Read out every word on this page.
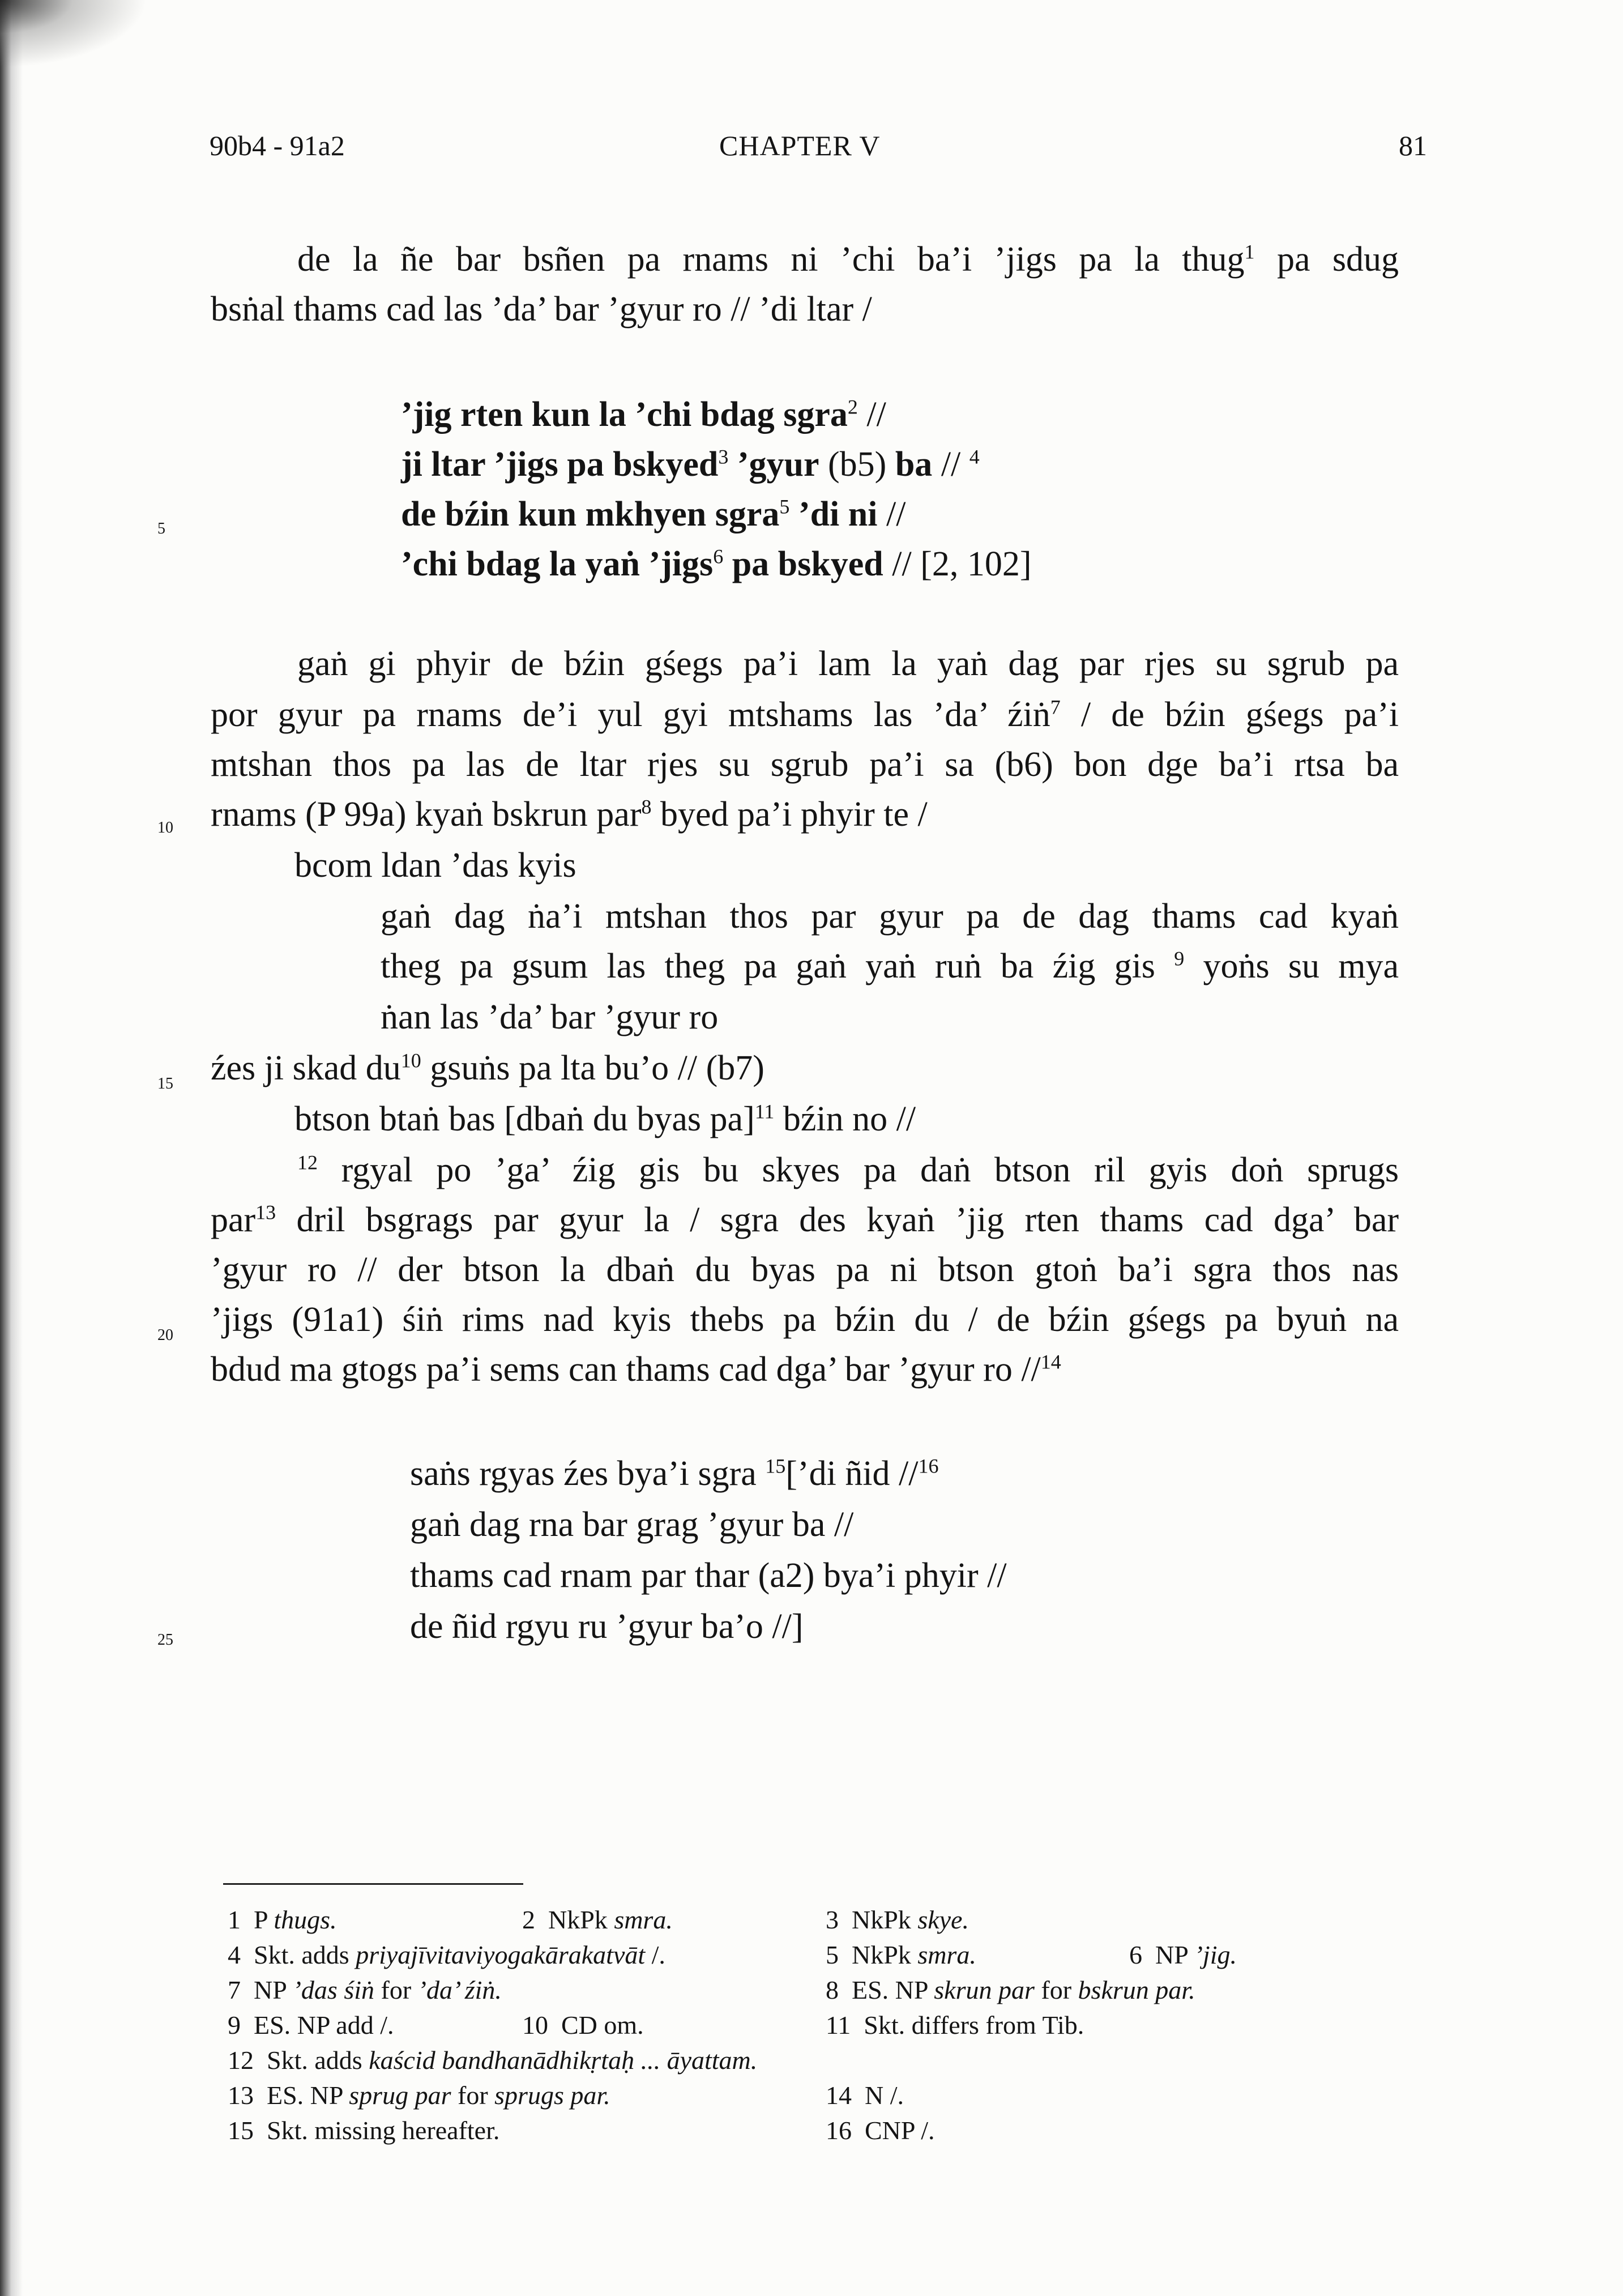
90b4 - 91a2	CHAPTER V	81
5
10
15
20
25
de la ñe bar bsñen pa rnams ni ’chi ba’i ’jigs pa la thug$^1$ pa sdug
bsṅal thams cad las ’da’ bar ’gyur ro // ’di ltar /
’jig rten kun la ’chi bdag sgra$^2$ //
ji ltar ’jigs pa bskyed$^3$ ’gyur (b5) ba // $^4$
de bźin kun mkhyen sgra$^5$ ’di ni //
’chi bdag la yaṅ ’jigs$^6$ pa bskyed // [2, 102]
gaṅ gi phyir de bźin gśegs pa’i lam la yaṅ dag par rjes su sgrub pa
por gyur pa rnams de’i yul gyi mtshams las ’da’ źiṅ$^7$ / de bźin gśegs pa’i
mtshan thos pa las de ltar rjes su sgrub pa’i sa (b6) bon dge ba’i rtsa ba
rnams (P 99a) kyaṅ bskrun par$^8$ byed pa’i phyir te /
bcom ldan ’das kyis
gaṅ dag ṅa’i mtshan thos par gyur pa de dag thams cad kyaṅ
theg pa gsum las theg pa gaṅ yaṅ ruṅ ba źig gis $^9$ yoṅs su mya
ṅan las ’da’ bar ’gyur ro
źes ji skad $du^{10}$ gsuṅs pa lta bu’o // (b7)
btson btaṅ bas [dbaṅ du byas pa]$^{11}$ bźin no //
$^{12}$ rgyal po ’ga’ źig gis bu skyes pa daṅ btson ril gyis doṅ sprugs
par$^{13}$ dril bsgrags par gyur la / sgra des kyaṅ ’jig rten thams cad dga’ bar
’gyur ro // der btson la dbaṅ du byas pa ni btson gtoṅ ba’i sgra thos nas
’jigs (91a1) śiṅ rims nad kyis thebs pa bźin du / de bźin gśegs pa byuṅ na
bdud ma gtogs pa’i sems can thams cad dga’ bar ’gyur ro //$^{14}$
saṅs rgyas źes bya’i sgra $^{15}$[’di ñid //$^{16}$
gaṅ dag rna bar grag ’gyur ba //
thams cad rnam par thar (a2) bya’i phyir //
de ñid rgyu ru ’gyur ba’o //]
1 P thugs.	2 NkPk smra.	3 NkPk skye.
4 Skt. adds priyajīvitaviyogakārakatvāt /.	5 NkPk smra.	6 NP ’jig.
7 NP ’das śiṅ for ’da’ źiṅ.	8 ES. NP skrun par for bskrun par.
9 ES. NP add /.	10 CD om.	11 Skt. differs from Tib.
12 Skt. adds kaścid bandhanādhikṛtaḥ ... āyattam.
13 ES. NP sprug par for sprugs par.	14 N /.
15 Skt. missing hereafter.	16 CNP /.
